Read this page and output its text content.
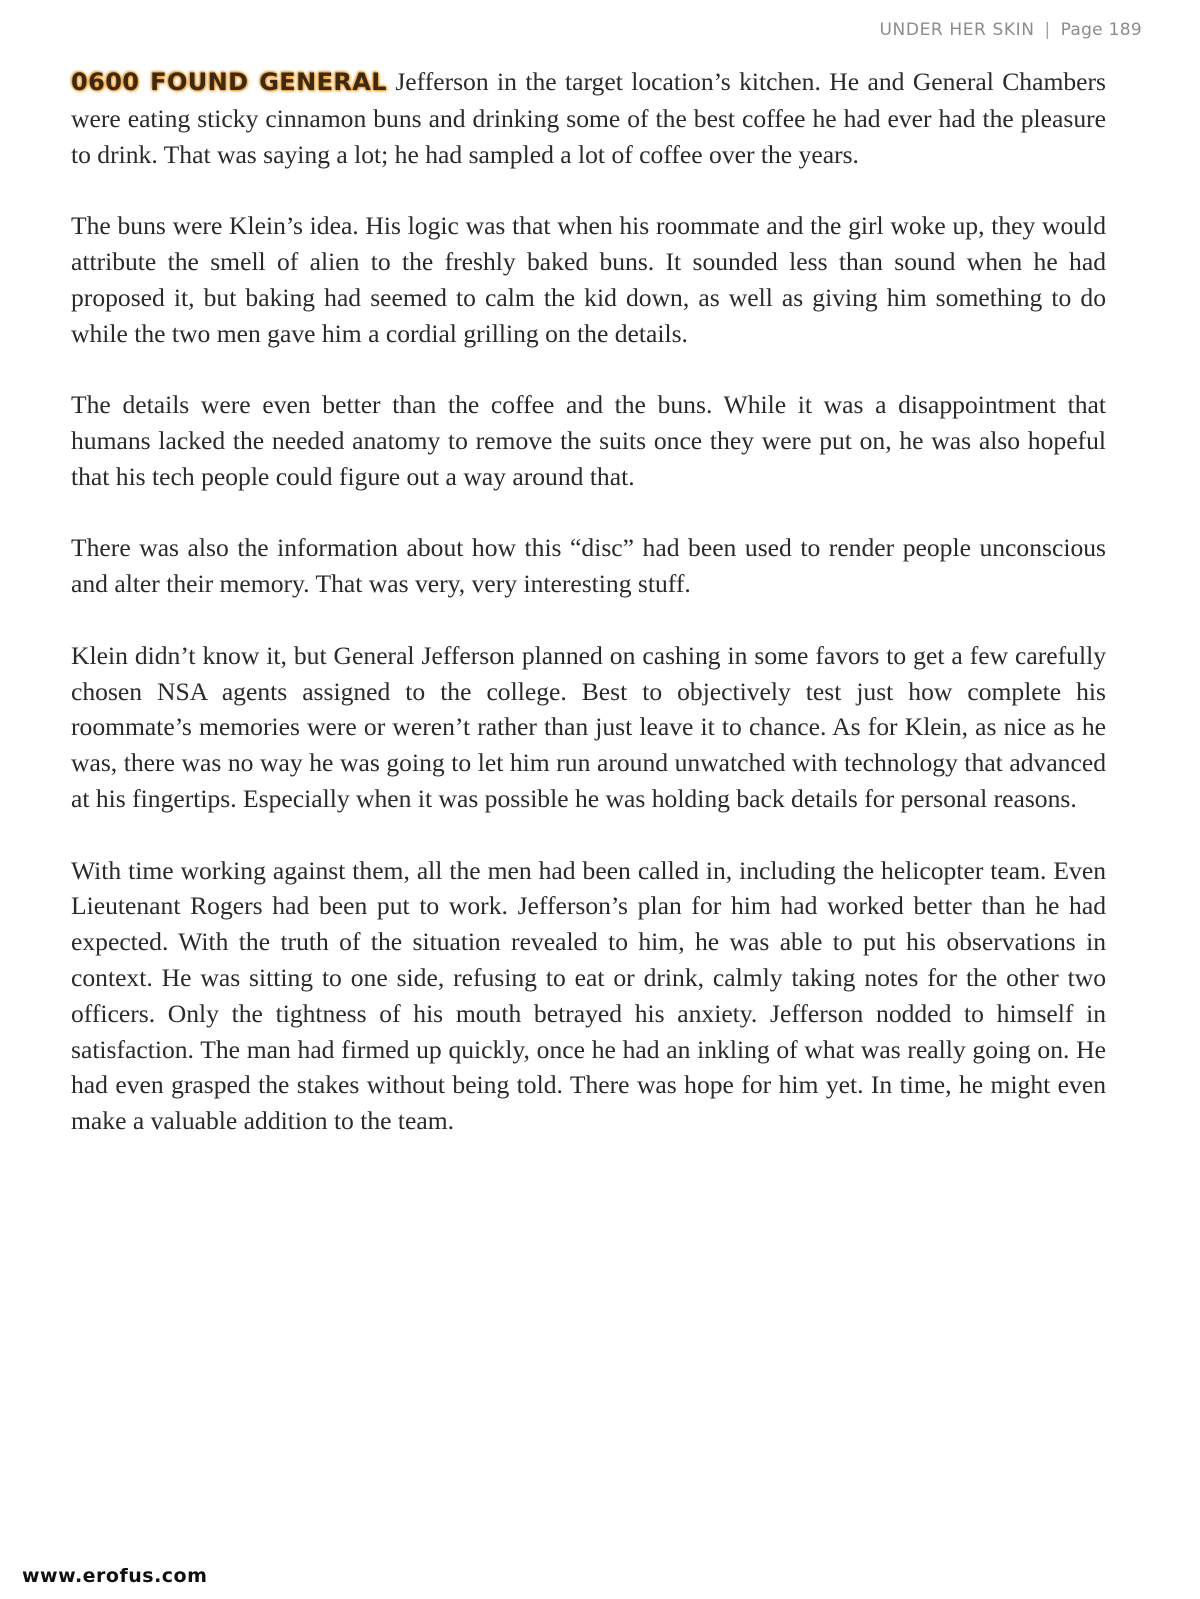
UNDER HER SKIN | Page 189

0600 FOUND GENERAL Jefferson in the target location’s kitchen. He and General Chambers were eating sticky cinnamon buns and drinking some of the best coffee he had ever had the pleasure to drink. That was saying a lot; he had sampled a lot of coffee over the years.

The buns were Klein’s idea. His logic was that when his roommate and the girl woke up, they would attribute the smell of alien to the freshly baked buns. It sounded less than sound when he had proposed it, but baking had seemed to calm the kid down, as well as giving him something to do while the two men gave him a cordial grilling on the details.

The details were even better than the coffee and the buns. While it was a disappointment that humans lacked the needed anatomy to remove the suits once they were put on, he was also hopeful that his tech people could figure out a way around that.

There was also the information about how this “disc” had been used to render people unconscious and alter their memory. That was very, very interesting stuff.

Klein didn’t know it, but General Jefferson planned on cashing in some favors to get a few carefully chosen NSA agents assigned to the college. Best to objectively test just how complete his roommate’s memories were or weren’t rather than just leave it to chance. As for Klein, as nice as he was, there was no way he was going to let him run around unwatched with technology that advanced at his fingertips. Especially when it was possible he was holding back details for personal reasons.

With time working against them, all the men had been called in, including the helicopter team. Even Lieutenant Rogers had been put to work. Jefferson’s plan for him had worked better than he had expected. With the truth of the situation revealed to him, he was able to put his observations in context. He was sitting to one side, refusing to eat or drink, calmly taking notes for the other two officers. Only the tightness of his mouth betrayed his anxiety. Jefferson nodded to himself in satisfaction. The man had firmed up quickly, once he had an inkling of what was really going on. He had even grasped the stakes without being told. There was hope for him yet. In time, he might even make a valuable addition to the team.

www.erofus.com
